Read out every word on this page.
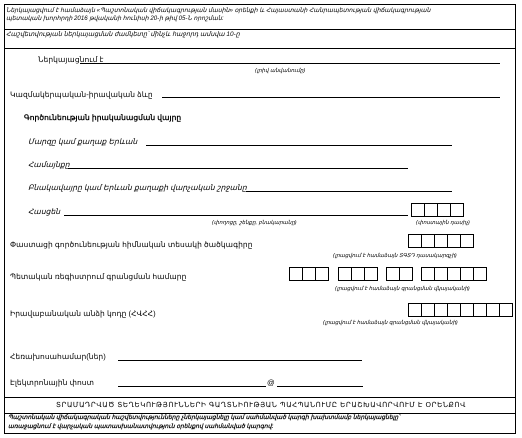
Ներկայացվում է համաձայն «Պաշտոնական վիճակագրության մասին» օրենքի և Հայաստանի Հանրապետության վիճակագրության
պետական խորհրդի 2016 թվականի հունիսի 20-ի թիվ 05-Ն որոշման:
Հաշվետվության ներկայացման ժամկետը՝ մինչև հաջորդ ամսվա 10-ը
Ներկայացնում է
(լրիվ անվանումը)
Կազմակերպական-իրավական ձևը
Գործունեության իրականացման վայրը
Մարզը կամ քաղաք Երևան
Համայնքը
Բնակավայրը կամ Երևան քաղաքի վարչական շրջանը
Հասցեն
(փողոցը, շենքը, բնակարանը)	(փոստային դասիչ)
Փաստացի գործունեության հիմնական տեսակի ծածկագիրը
(լրացվում է համաձայն ՏԳՏԴ դասակարգչի)
Պետական ռեգիստրում գրանցման համարը
(լրացվում է համաձայն գրանցման վկայականի)
Իրավաբանական անձի կոդը (ՀՎՀՀ)
(լրացվում է համաձայն գրանցման վկայականի)
Հեռախոսահամար(ներ)
Էլեկտրոնային փոստ	@
ՏՐԱՄԱԴՐՎԱԾ ՏԵՂԵԿՈՒԹՅՈՒՆՆԵՐԻ ԳԱՂՏՆԻՈՒԹՅԱՆ ՊԱՀՊԱՆՈՒՄԸ ԵՐԱՇԽԱՎՈՐՎՈՒՄ Է ՕՐԵՆՔՈՎ
Պաշտոնական վիճակագրական հաշվետվությունները չներկայացնելը կամ սահմանված կարգի խախտմամբ ներկայացնելը՝
առաջացնում է վարչական պատասխանատվություն օրենքով սահմանված կարգով:
